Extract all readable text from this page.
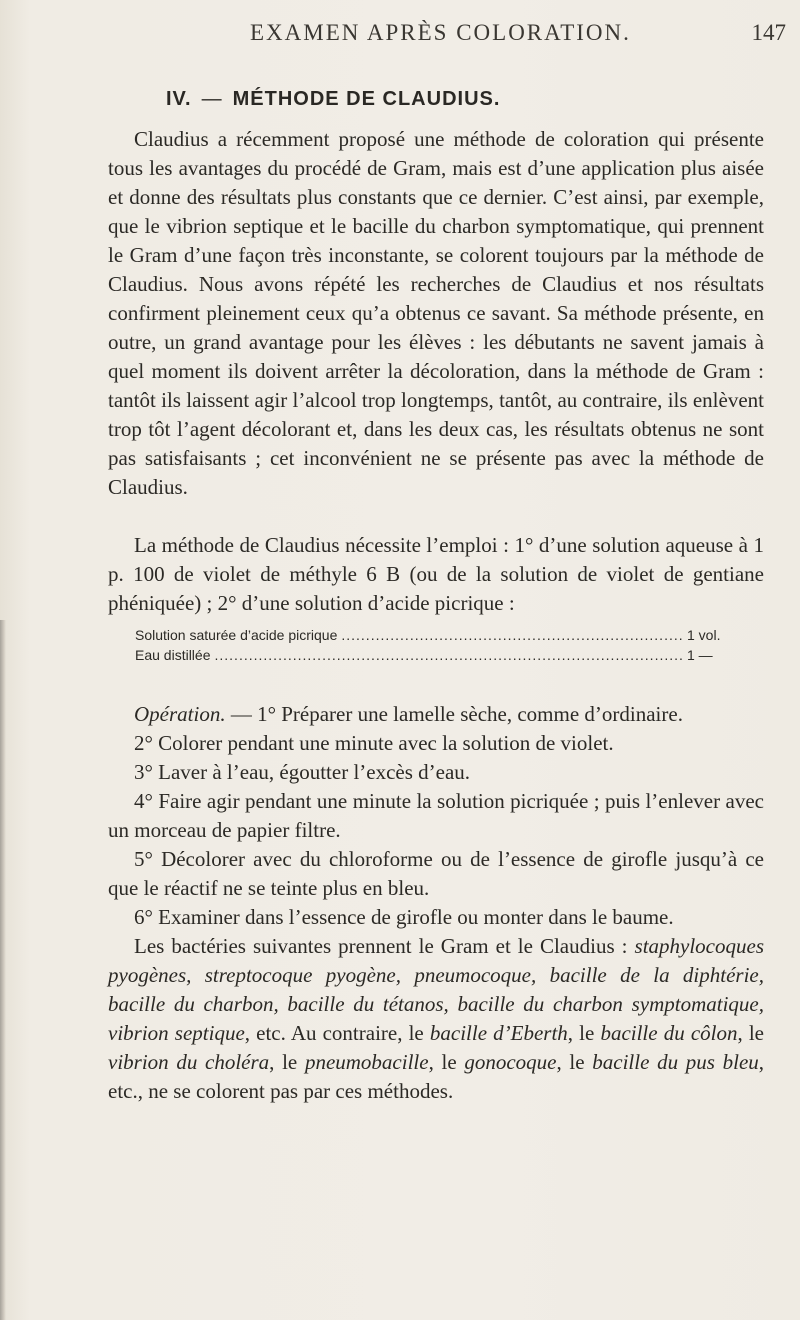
EXAMEN APRÈS COLORATION.	147
IV. — MÉTHODE DE CLAUDIUS.

Claudius a récemment proposé une méthode de coloration qui présente tous les avantages du procédé de Gram, mais est d’une application plus aisée et donne des résultats plus constants que ce dernier. C’est ainsi, par exemple, que le vibrion septique et le bacille du charbon symptomatique, qui prennent le Gram d’une façon très inconstante, se colorent toujours par la méthode de Claudius. Nous avons répété les recherches de Claudius et nos résultats confirment pleinement ceux qu’a obtenus ce savant. Sa méthode présente, en outre, un grand avantage pour les élèves : les débutants ne savent jamais à quel moment ils doivent arrêter la décoloration, dans la méthode de Gram : tantôt ils laissent agir l’alcool trop longtemps, tantôt, au contraire, ils enlèvent trop tôt l’agent décolorant et, dans les deux cas, les résultats obtenus ne sont pas satisfaisants ; cet inconvénient ne se présente pas avec la méthode de Claudius.

La méthode de Claudius nécessite l’emploi : 1° d’une solution aqueuse à 1 p. 100 de violet de méthyle 6 B (ou de la solution de violet de gentiane phéniquée) ; 2° d’une solution d’acide picrique :

Solution saturée d’acide picrique .....	1 vol.
Eau distillée .....	1 —

Opération. — 1° Préparer une lamelle sèche, comme d’ordinaire.

2° Colorer pendant une minute avec la solution de violet.

3° Laver à l’eau, égoutter l’excès d’eau.

4° Faire agir pendant une minute la solution picriquée ; puis l’enlever avec un morceau de papier filtre.

5° Décolorer avec du chloroforme ou de l’essence de girofle jusqu’à ce que le réactif ne se teinte plus en bleu.

6° Examiner dans l’essence de girofle ou monter dans le baume.

Les bactéries suivantes prennent le Gram et le Claudius : staphylocoques pyogènes, streptocoque pyogène, pneumocoque, bacille de la diphtérie, bacille du charbon, bacille du tétanos, bacille du charbon symptomatique, vibrion septique, etc. Au contraire, le bacille d’Eberth, le bacille du côlon, le vibrion du choléra, le pneumobacille, le gonocoque, le bacille du pus bleu, etc., ne se colorent pas par ces méthodes.
